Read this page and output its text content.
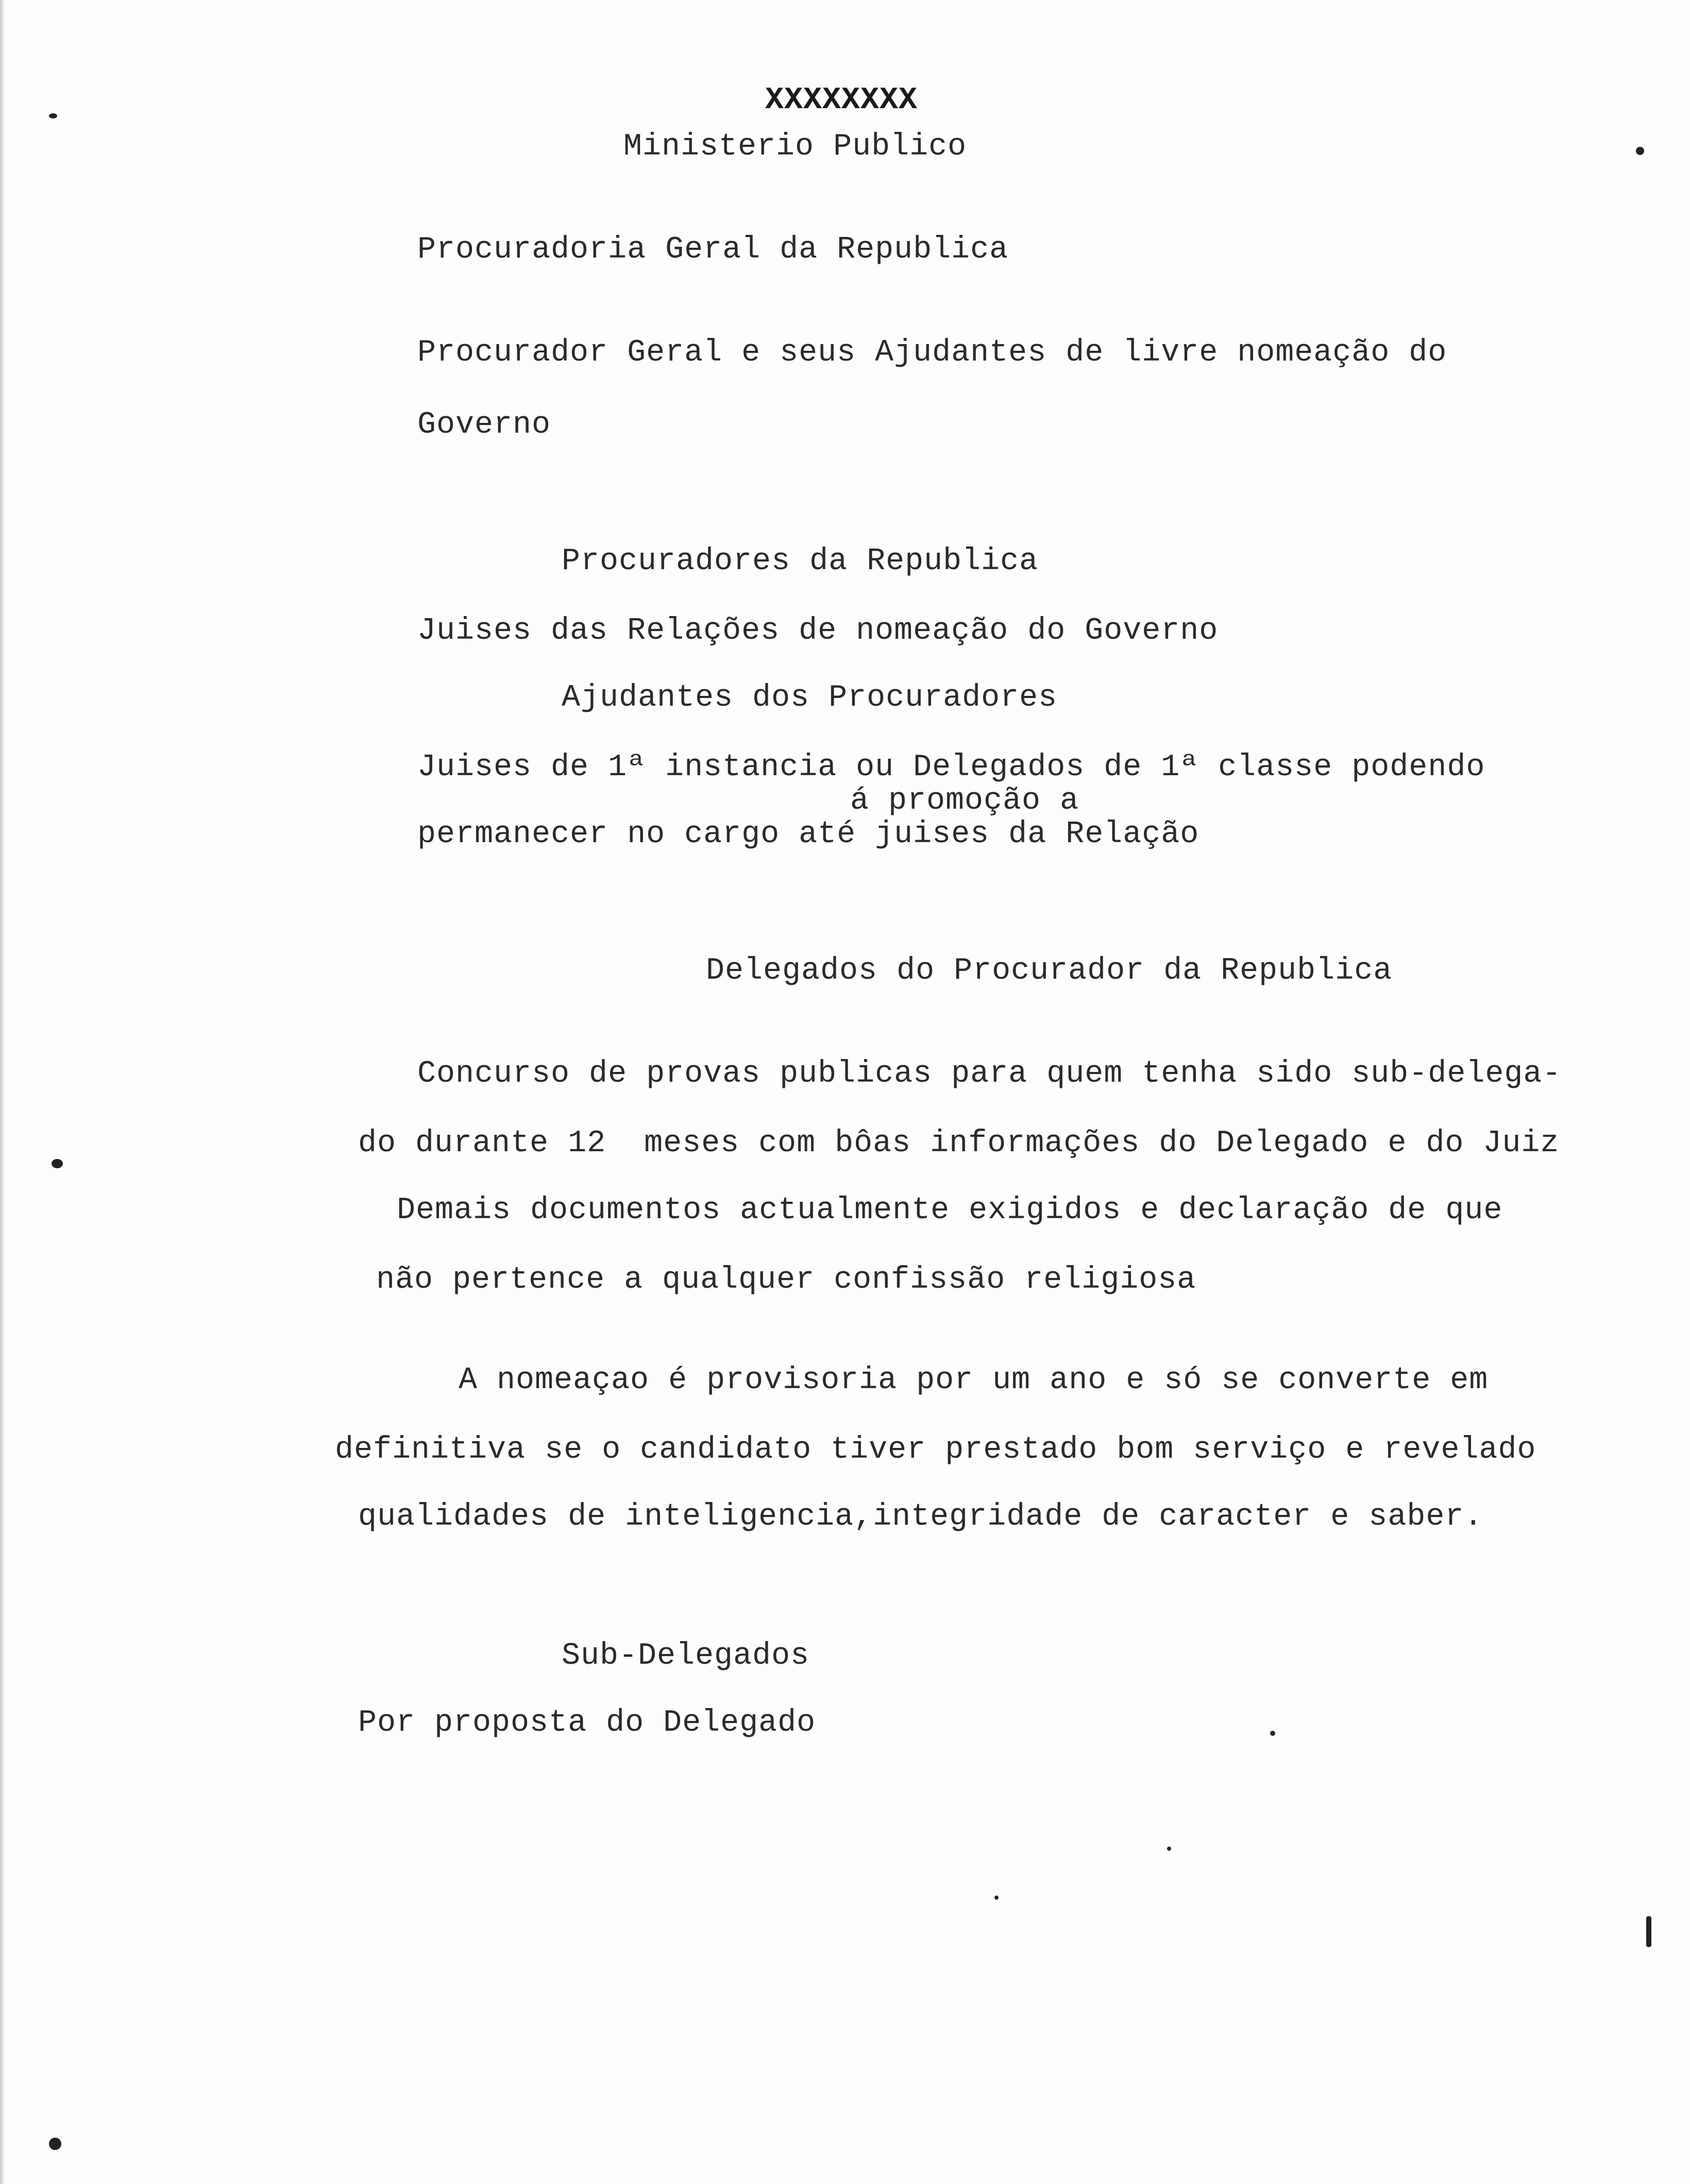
XXXXXXXX
Ministerio Publico
Procuradoria Geral da Republica
Procurador Geral e seus Ajudantes de livre nomeação do
Governo
Procuradores da Republica
Juises das Relações de nomeação do Governo
Ajudantes dos Procuradores
Juises de 1ª instancia ou Delegados de 1ª classe podendo
á promoção a
permanecer no cargo até juises da Relação
Delegados do Procurador da Republica
Concurso de provas publicas para quem tenha sido sub-delega-
do durante 12  meses com bôas informações do Delegado e do Juiz
Demais documentos actualmente exigidos e declaração de que
não pertence a qualquer confissão religiosa
A nomeaçao é provisoria por um ano e só se converte em
definitiva se o candidato tiver prestado bom serviço e revelado
qualidades de inteligencia,integridade de caracter e saber.
Sub-Delegados
Por proposta do Delegado
